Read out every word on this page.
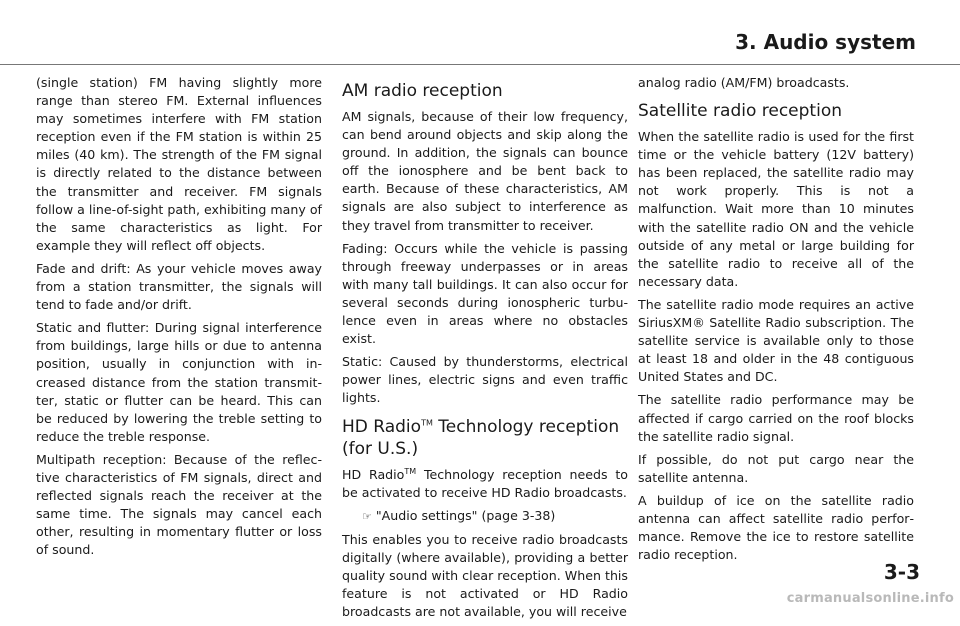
3. Audio system

(single station) FM having slightly more range than stereo FM. External influences may sometimes interfere with FM station reception even if the FM station is within 25 miles (40 km). The strength of the FM signal is directly related to the distance between the transmitter and receiver. FM signals follow a line-of-sight path, exhibiting many of the same characteristics as light. For example they will reflect off objects.

Fade and drift: As your vehicle moves away from a station transmitter, the signals will tend to fade and/or drift.

Static and flutter: During signal interference from buildings, large hills or due to antenna position, usually in conjunction with increased distance from the station transmitter, static or flutter can be heard. This can be reduced by lowering the treble setting to reduce the treble response.

Multipath reception: Because of the reflective characteristics of FM signals, direct and reflected signals reach the receiver at the same time. The signals may cancel each other, resulting in momentary flutter or loss of sound.

AM radio reception

AM signals, because of their low frequency, can bend around objects and skip along the ground. In addition, the signals can bounce off the ionosphere and be bent back to earth. Because of these characteristics, AM signals are also subject to interference as they travel from transmitter to receiver.

Fading: Occurs while the vehicle is passing through freeway underpasses or in areas with many tall buildings. It can also occur for several seconds during ionospheric turbulence even in areas where no obstacles exist.

Static: Caused by thunderstorms, electrical power lines, electric signs and even traffic lights.

HD Radio™ Technology reception
(for U.S.)

HD Radio™ Technology reception needs to be activated to receive HD Radio broadcasts.

☞ "Audio settings" (page 3-38)

This enables you to receive radio broadcasts digitally (where available), providing a better quality sound with clear reception. When this feature is not activated or HD Radio broadcasts are not available, you will receive

analog radio (AM/FM) broadcasts.

Satellite radio reception

When the satellite radio is used for the first time or the vehicle battery (12V battery) has been replaced, the satellite radio may not work properly. This is not a malfunction. Wait more than 10 minutes with the satellite radio ON and the vehicle outside of any metal or large building for the satellite radio to receive all of the necessary data.

The satellite radio mode requires an active SiriusXM® Satellite Radio subscription. The satellite service is available only to those at least 18 and older in the 48 contiguous United States and DC.

The satellite radio performance may be affected if cargo carried on the roof blocks the satellite radio signal.

If possible, do not put cargo near the satellite antenna.

A buildup of ice on the satellite radio antenna can affect satellite radio performance. Remove the ice to restore satellite radio reception.

3-3
carmanualsonline.info
